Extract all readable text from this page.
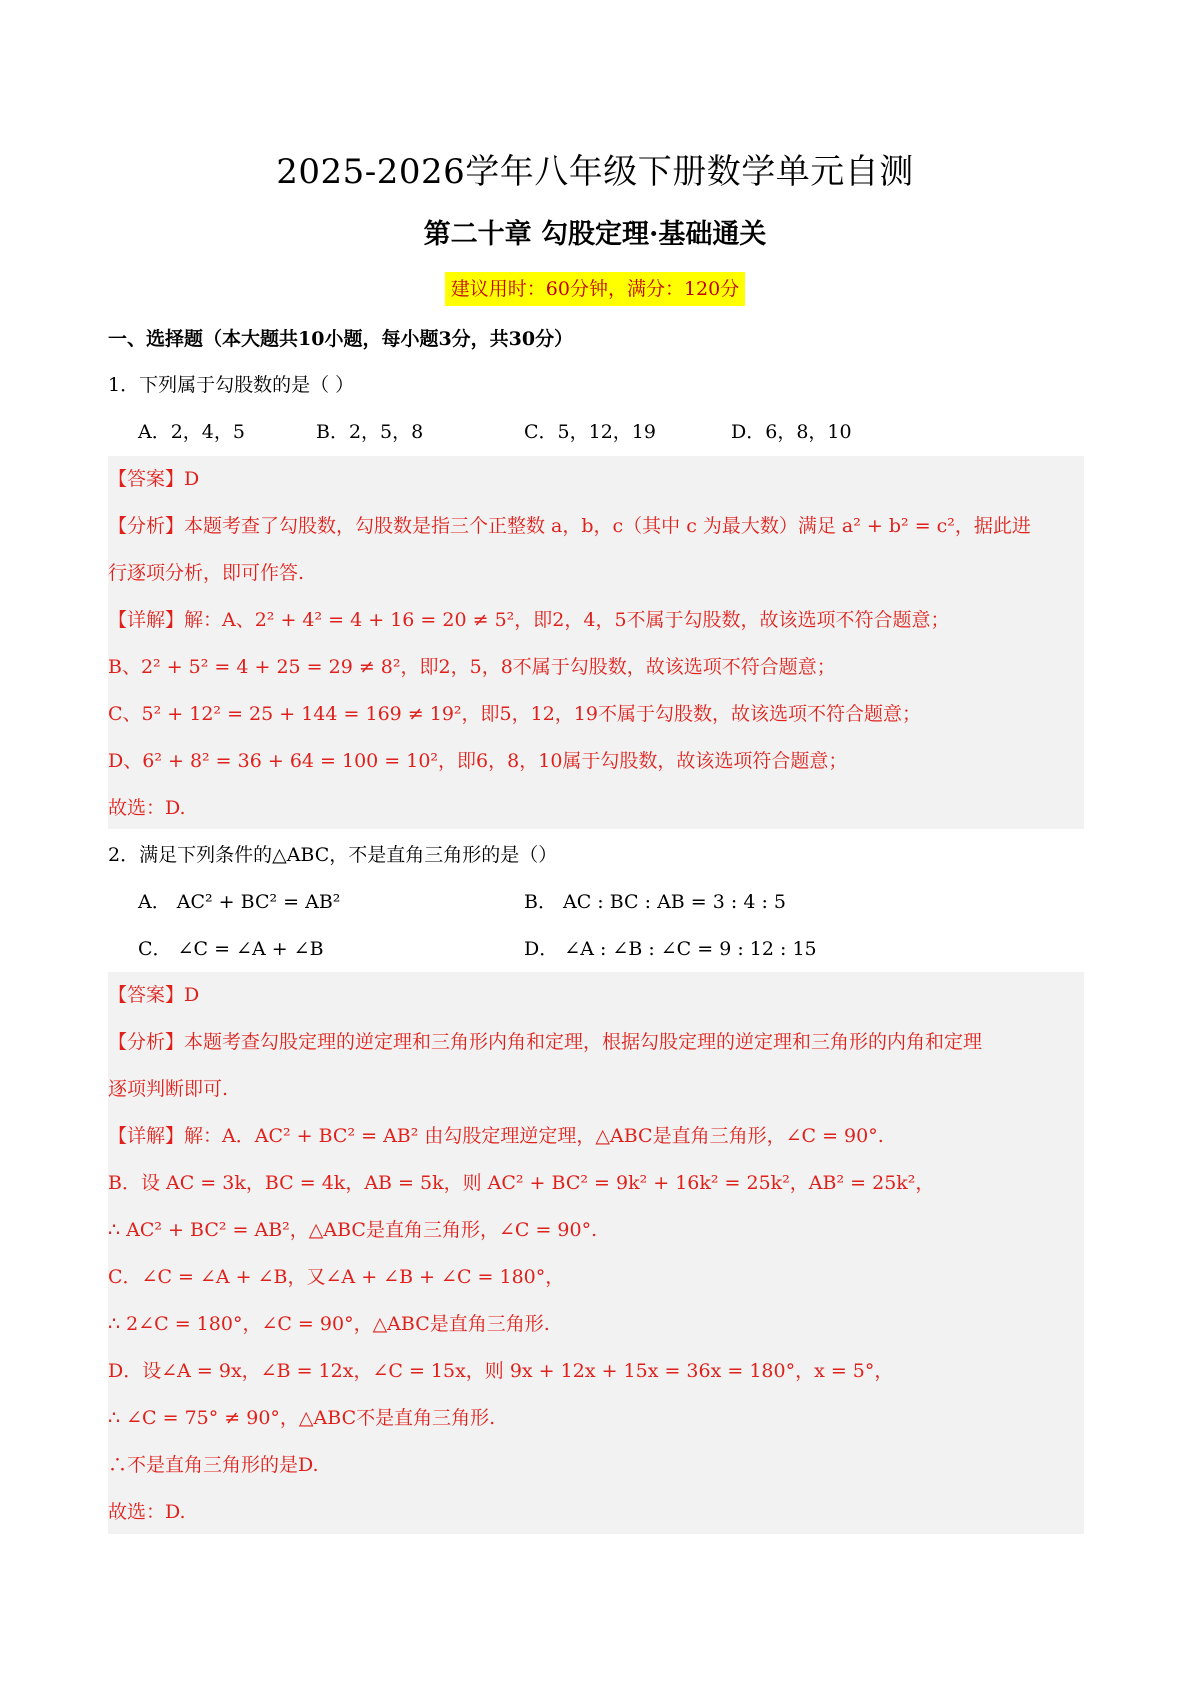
2025-2026学年八年级下册数学单元自测
第二十章 勾股定理·基础通关
建议用时：60分钟，满分：120分
一、选择题（本大题共10小题，每小题3分，共30分）
1．下列属于勾股数的是（ ）
A．2，4，5	B．2，5，8	C．5，12，19	D．6，8，10
【答案】D
【分析】本题考查了勾股数，勾股数是指三个正整数 a，b，c（其中 c 为最大数）满足 a² + b² = c²，据此进
行逐项分析，即可作答.
【详解】解：A、2² + 4² = 4 + 16 = 20 ≠ 5²，即2，4，5不属于勾股数，故该选项不符合题意；
B、2² + 5² = 4 + 25 = 29 ≠ 8²，即2，5，8不属于勾股数，故该选项不符合题意；
C、5² + 12² = 25 + 144 = 169 ≠ 19²，即5，12，19不属于勾股数，故该选项不符合题意；
D、6² + 8² = 36 + 64 = 100 = 10²，即6，8，10属于勾股数，故该选项符合题意；
故选：D.
2．满足下列条件的△ABC，不是直角三角形的是（）
A． AC² + BC² = AB²	B． AC : BC : AB = 3 : 4 : 5
C． ∠C = ∠A + ∠B	D． ∠A : ∠B : ∠C = 9 : 12 : 15
【答案】D
【分析】本题考查勾股定理的逆定理和三角形内角和定理，根据勾股定理的逆定理和三角形的内角和定理
逐项判断即可.
【详解】解：A．AC² + BC² = AB² 由勾股定理逆定理，△ABC是直角三角形，∠C = 90°.
B．设 AC = 3k，BC = 4k，AB = 5k，则 AC² + BC² = 9k² + 16k² = 25k²，AB² = 25k²，
∴ AC² + BC² = AB²，△ABC是直角三角形，∠C = 90°.
C．∠C = ∠A + ∠B，又∠A + ∠B + ∠C = 180°，
∴ 2∠C = 180°，∠C = 90°，△ABC是直角三角形.
D．设∠A = 9x，∠B = 12x，∠C = 15x，则 9x + 12x + 15x = 36x = 180°，x = 5°，
∴ ∠C = 75° ≠ 90°，△ABC不是直角三角形.
∴不是直角三角形的是D.
故选：D.
